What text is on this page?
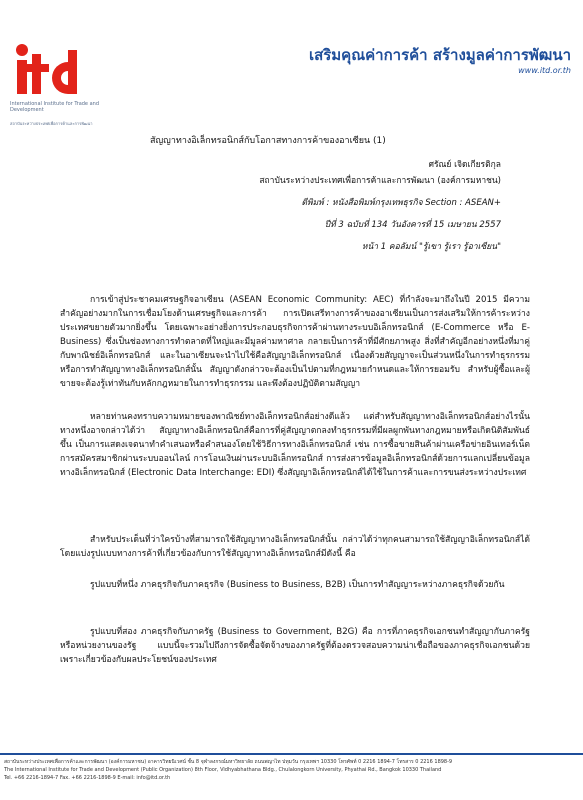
International Institute for Trade and Development
สถาบันระหว่างประเทศเพื่อการค้าและการพัฒนา
เสริมคุณค่าการค้า สร้างมูลค่าการพัฒนา
www.itd.or.th
สัญญาทางอิเล็กทรอนิกส์กับโอกาสทางการค้าของอาเซียน (1)
ศรัณย์ เจิดเกียรติกุล
สถาบันระหว่างประเทศเพื่อการค้าและการพัฒนา (องค์การมหาชน)
ตีพิมพ์ : หนังสือพิมพ์กรุงเทพธุรกิจ Section : ASEAN+
ปีที่ 3 ฉบับที่ 134 วันอังคารที่ 15 เมษายน 2557
หน้า 1 คอลัมน์ "รู้เขา รู้เรา รู้อาเซียน"
การเข้าสู่ประชาคมเศรษฐกิจอาเซียน (ASEAN Economic Community: AEC) ที่กำลังจะมาถึงในปี 2015 มีความสำคัญอย่างมากในการเชื่อมโยงด้านเศรษฐกิจและการค้า การเปิดเสรีทางการค้าของอาเซียนเป็นการส่งเสริมให้การค้าระหว่างประเทศขยายตัวมากยิ่งขึ้น โดยเฉพาะอย่างยิ่งการประกอบธุรกิจการค้าผ่านทางระบบอิเล็กทรอนิกส์ (E-Commerce หรือ E-Business) ซึ่งเป็นช่องทางการทำตลาดที่ใหญ่และมีมูลค่ามหาศาล กลายเป็นการค้าที่มีศักยภาพสูง สิ่งที่สำคัญอีกอย่างหนึ่งที่มาคู่กับพาณิชย์อิเล็กทรอนิกส์ และในอาเซียนจะนำไปใช้คือสัญญาอิเล็กทรอนิกส์ เนื่องด้วยสัญญาจะเป็นส่วนหนึ่งในการทำธุรกรรม หรือการทำสัญญาทางอิเล็กทรอนิกส์นั้น สัญญาดังกล่าวจะต้องเป็นไปตามที่กฎหมายกำหนดและให้การยอมรับ สำหรับผู้ซื้อและผู้ขายจะต้องรู้เท่าทันกับหลักกฎหมายในการทำธุรกรรม และพึงต้องปฏิบัติตามสัญญา
หลายท่านคงทราบความหมายของพาณิชย์ทางอิเล็กทรอนิกส์อย่างดีแล้ว แต่สำหรับสัญญาทางอิเล็กทรอนิกส์อย่างไรนั้น ทางหนึ่งอาจกล่าวได้ว่า สัญญาทางอิเล็กทรอนิกส์คือการที่คู่สัญญาตกลงทำธุรกรรมที่มีผลผูกพันทางกฎหมายหรือเกิดนิติสัมพันธ์ขึ้น เป็นการแสดงเจตนาทำคำเสนอหรือคำสนองโดยใช้วิธีการทางอิเล็กทรอนิกส์ เช่น การซื้อขายสินค้าผ่านเครือข่ายอินเทอร์เน็ต การสมัครสมาชิกผ่านระบบออนไลน์ การโอนเงินผ่านระบบอิเล็กทรอนิกส์ การส่งสารข้อมูลอิเล็กทรอนิกส์ด้วยการแลกเปลี่ยนข้อมูลทางอิเล็กทรอนิกส์ (Electronic Data Interchange: EDI) ซึ่งสัญญาอิเล็กทรอนิกส์ได้ใช้ในการค้าและการขนส่งระหว่างประเทศ
สำหรับประเด็นที่ว่าใครบ้างที่สามารถใช้สัญญาทางอิเล็กทรอนิกส์นั้น กล่าวได้ว่าทุกคนสามารถใช้สัญญาอิเล็กทรอนิกส์ได้ โดยแบ่งรูปแบบทางการค้าที่เกี่ยวข้องกับการใช้สัญญาทางอิเล็กทรอนิกส์มีดังนี้ คือ
รูปแบบที่หนึ่ง ภาคธุรกิจกับภาคธุรกิจ (Business to Business, B2B) เป็นการทำสัญญาระหว่างภาคธุรกิจด้วยกัน
รูปแบบที่สอง ภาคธุรกิจกับภาครัฐ (Business to Government, B2G) คือ การที่ภาคธุรกิจเอกชนทำสัญญากับภาครัฐหรือหน่วยงานของรัฐ แบบนี้จะรวมไปถึงการจัดซื้อจัดจ้างของภาครัฐที่ต้องตรวจสอบความน่าเชื่อถือของภาคธุรกิจเอกชนด้วย เพราะเกี่ยวข้องกับผลประโยชน์ของประเทศ
สถาบันระหว่างประเทศเพื่อการค้าและการพัฒนา (องค์การมหาชน) อาคารวิทยนิเวศน์ ชั้น 8 จุฬาลงกรณ์มหาวิทยาลัย ถนนพญาไท ปทุมวัน กรุงเทพฯ 10330 โทรศัพท์ 0 2216 1894-7 โทรสาร 0 2216 1898-9
The International Institute for Trade and Development (Public Organization) 8th Floor, Vidhyabhathana Bldg., Chulalongkorn University, Phyathai Rd., Bangkok 10330 Thailand
Tel. +66 2216-1894-7 Fax. +66 2216-1898-9 E-mail: info@itd.or.th
